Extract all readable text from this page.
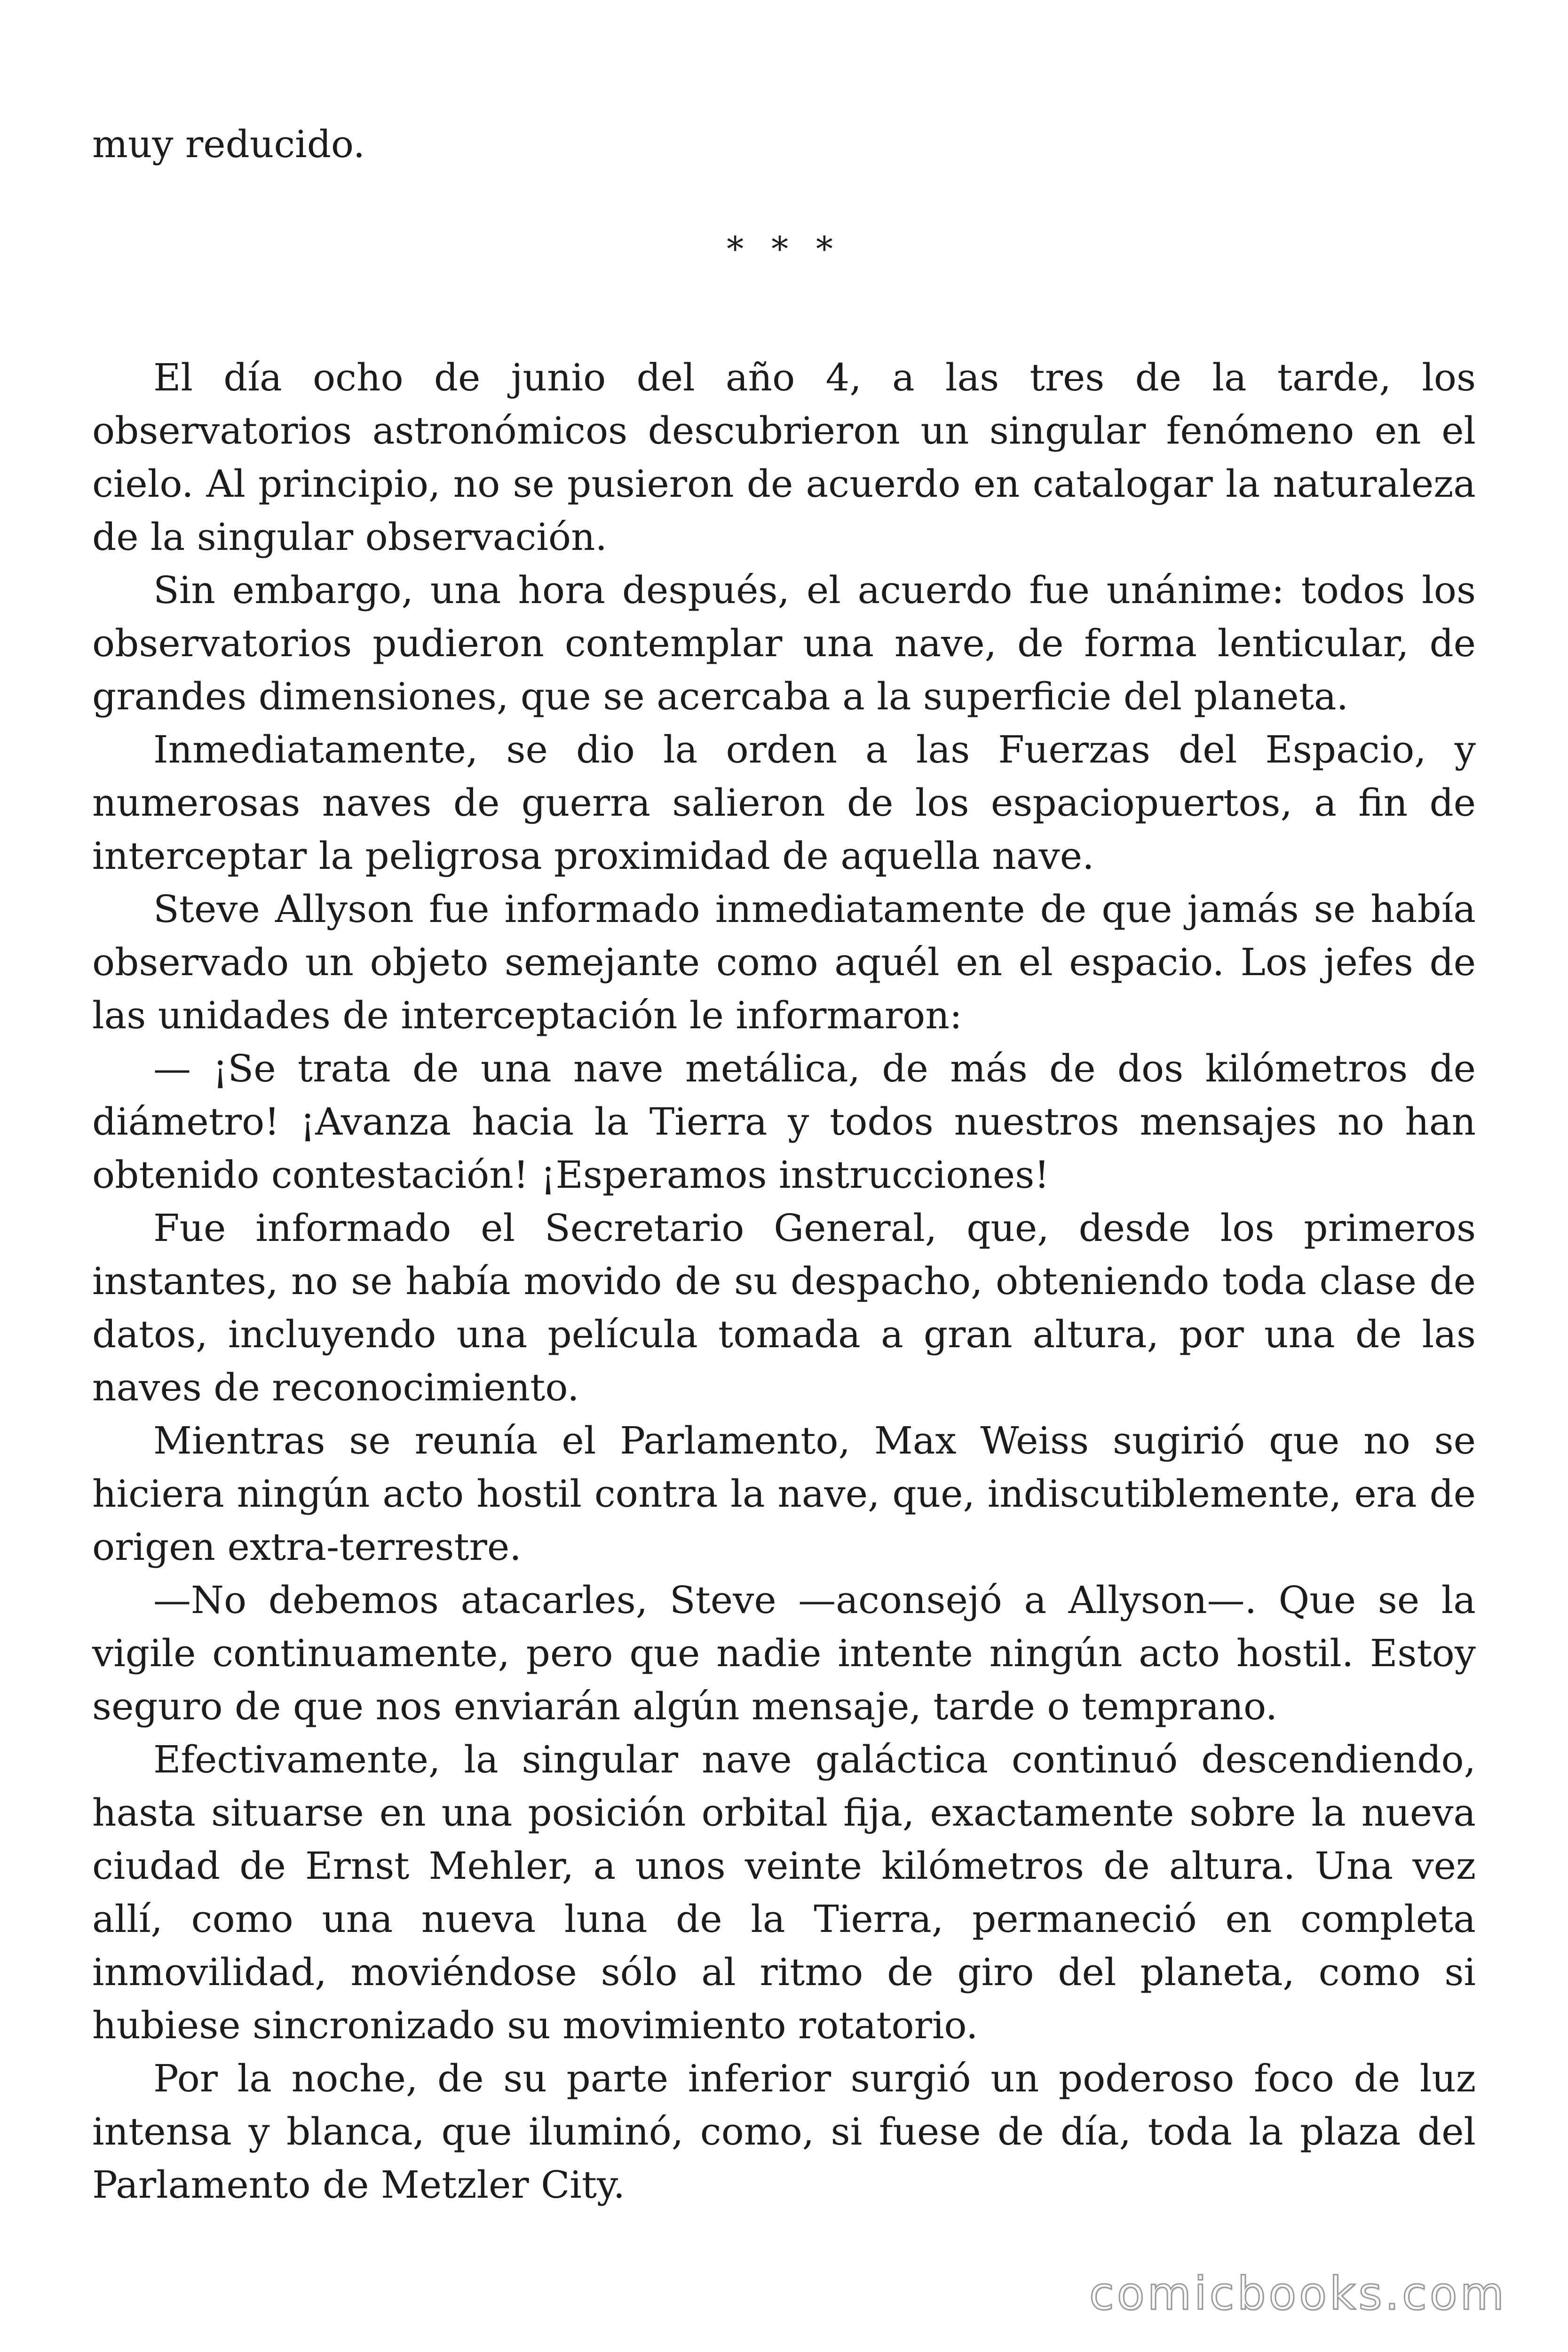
muy reducido.

* * *

El día ocho de junio del año 4, a las tres de la tarde, los observatorios astronómicos descubrieron un singular fenómeno en el cielo. Al principio, no se pusieron de acuerdo en catalogar la naturaleza de la singular observación.

Sin embargo, una hora después, el acuerdo fue unánime: todos los observatorios pudieron contemplar una nave, de forma lenticular, de grandes dimensiones, que se acercaba a la superficie del planeta.

Inmediatamente, se dio la orden a las Fuerzas del Espacio, y numerosas naves de guerra salieron de los espaciopuertos, a fin de interceptar la peligrosa proximidad de aquella nave.

Steve Allyson fue informado inmediatamente de que jamás se había observado un objeto semejante como aquél en el espacio. Los jefes de las unidades de interceptación le informaron:

— ¡Se trata de una nave metálica, de más de dos kilómetros de diámetro! ¡Avanza hacia la Tierra y todos nuestros mensajes no han obtenido contestación! ¡Esperamos instrucciones!

Fue informado el Secretario General, que, desde los primeros instantes, no se había movido de su despacho, obteniendo toda clase de datos, incluyendo una película tomada a gran altura, por una de las naves de reconocimiento.

Mientras se reunía el Parlamento, Max Weiss sugirió que no se hiciera ningún acto hostil contra la nave, que, indiscutiblemente, era de origen extra-terrestre.

—No debemos atacarles, Steve —aconsejó a Allyson—. Que se la vigile continuamente, pero que nadie intente ningún acto hostil. Estoy seguro de que nos enviarán algún mensaje, tarde o temprano.

Efectivamente, la singular nave galáctica continuó descendiendo, hasta situarse en una posición orbital fija, exactamente sobre la nueva ciudad de Ernst Mehler, a unos veinte kilómetros de altura. Una vez allí, como una nueva luna de la Tierra, permaneció en completa inmovilidad, moviéndose sólo al ritmo de giro del planeta, como si hubiese sincronizado su movimiento rotatorio.

Por la noche, de su parte inferior surgió un poderoso foco de luz intensa y blanca, que iluminó, como, si fuese de día, toda la plaza del Parlamento de Metzler City.

comicbooks.com
